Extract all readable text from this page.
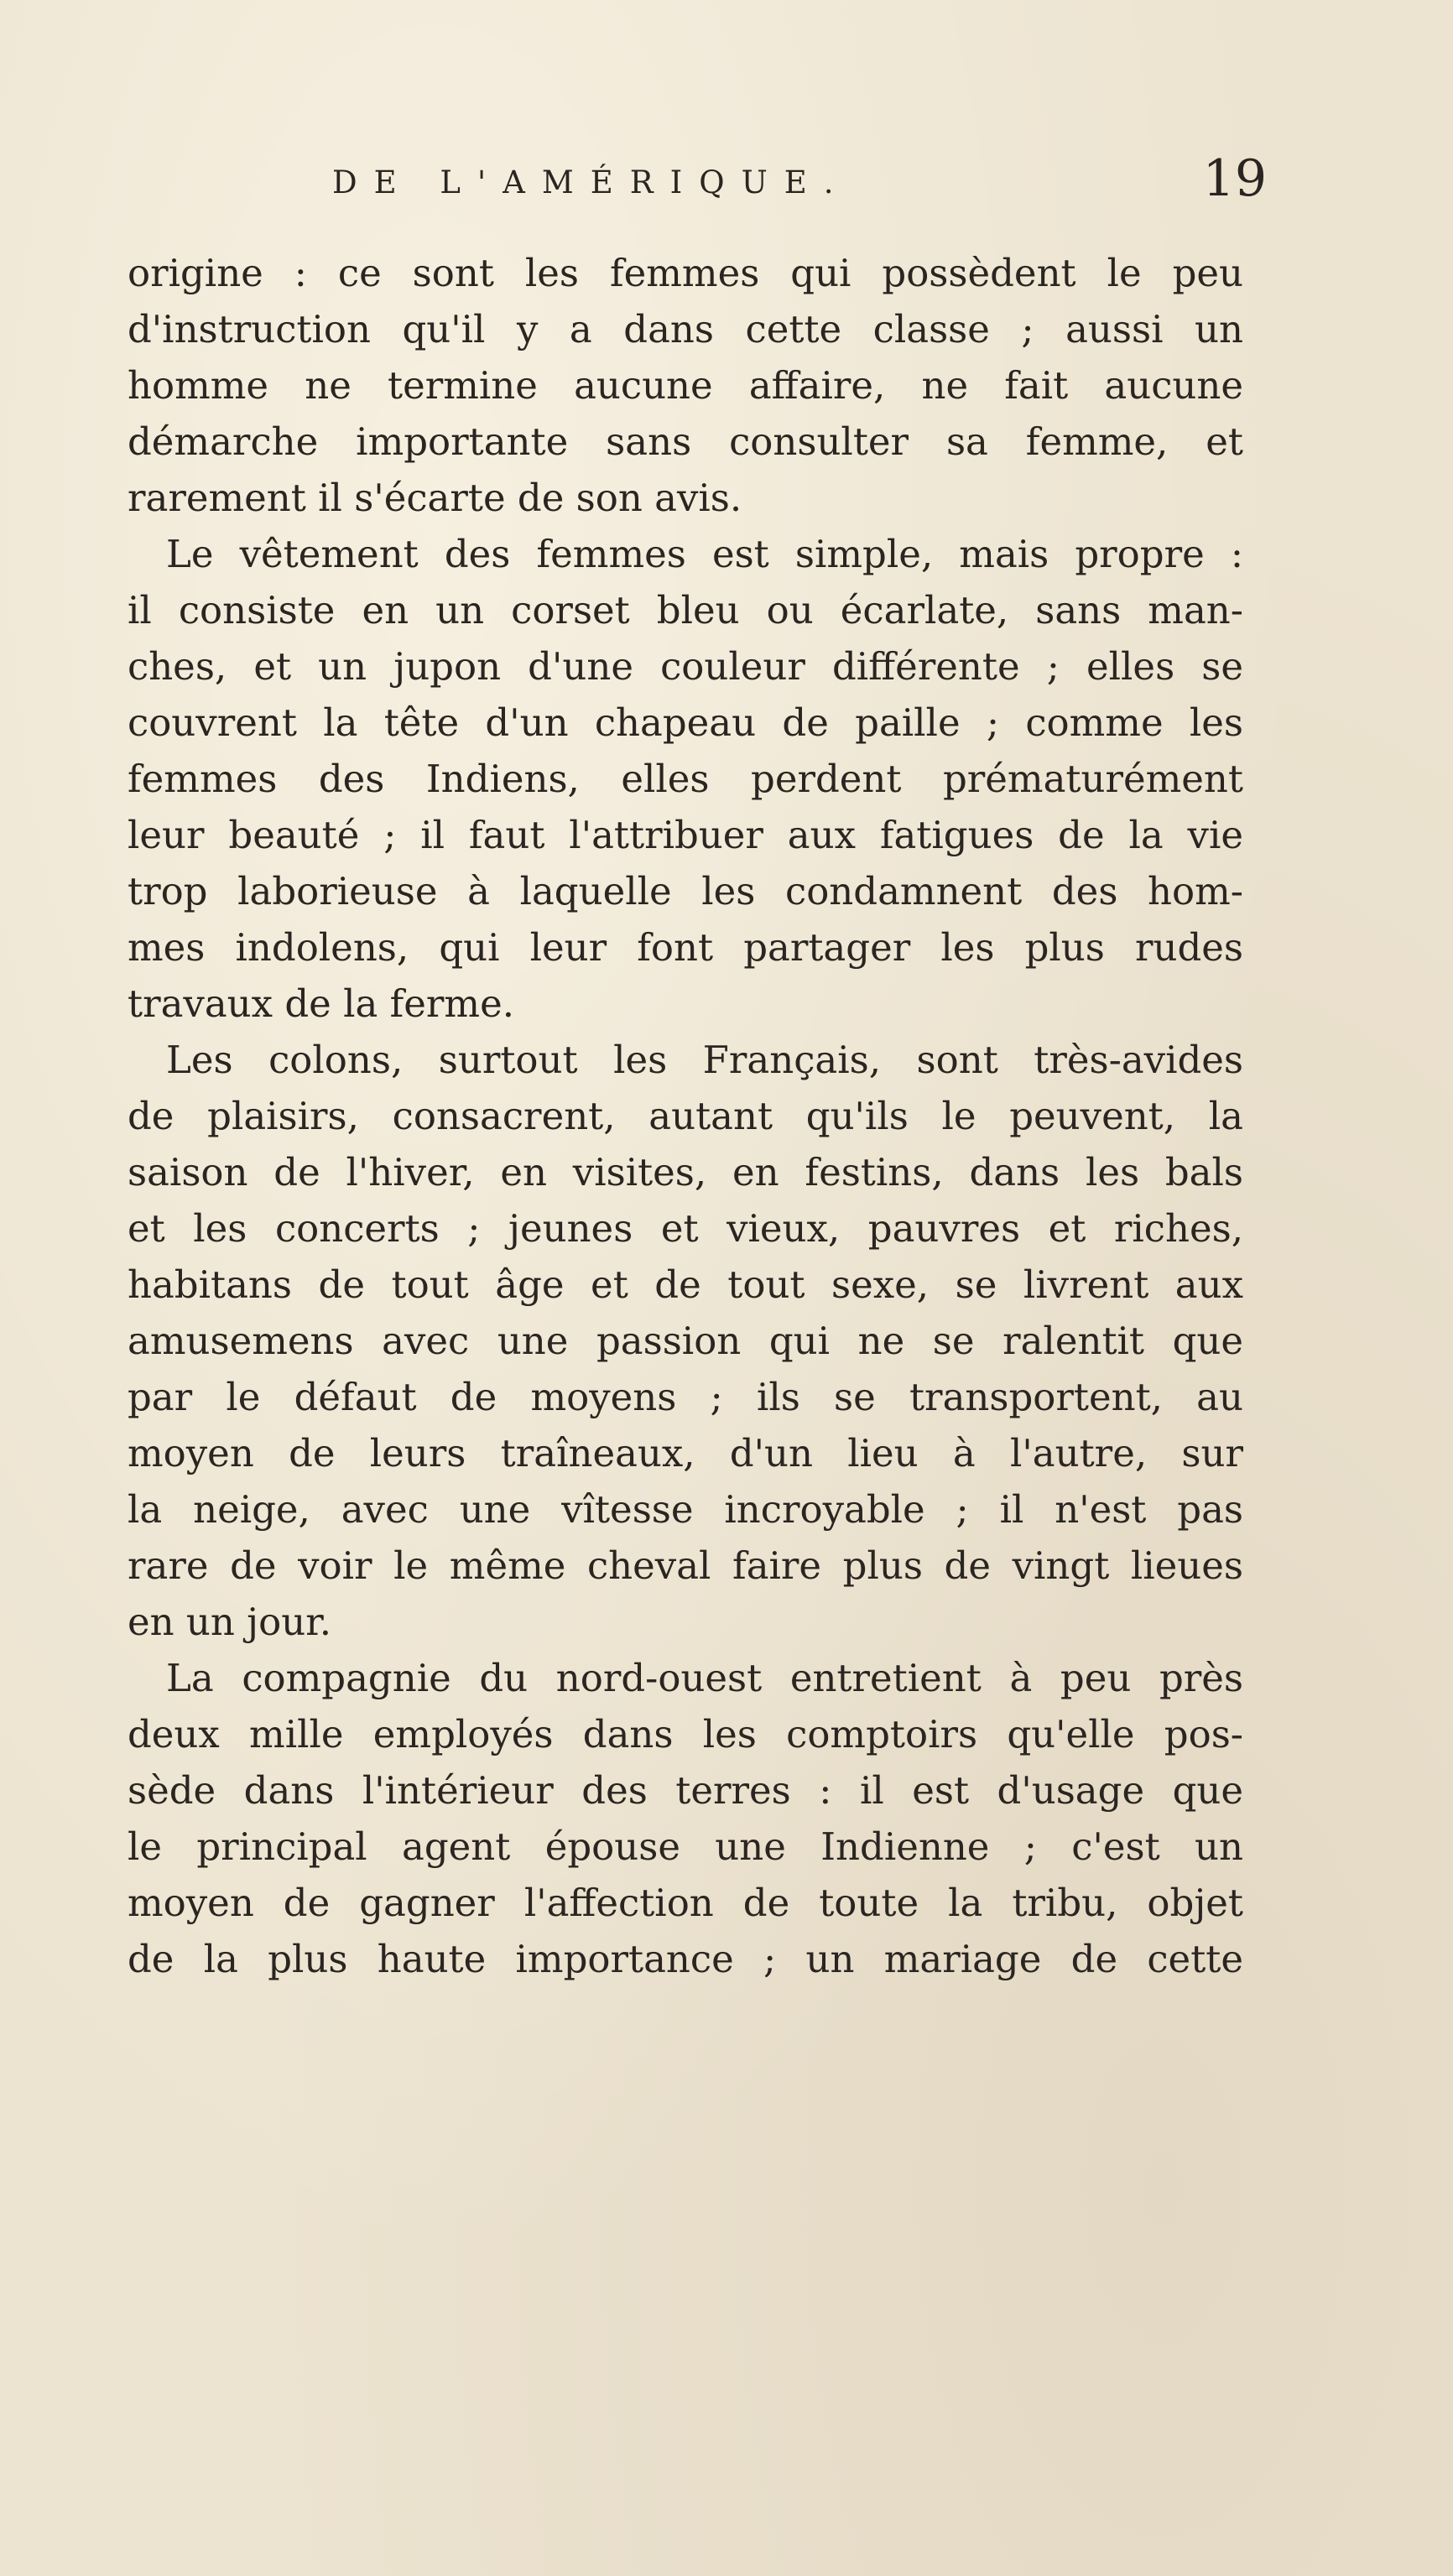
DE L'AMÉRIQUE.	19
origine : ce sont les femmes qui possèdent le peu
d'instruction qu'il y a dans cette classe ; aussi un
homme ne termine aucune affaire, ne fait aucune
démarche importante sans consulter sa femme, et
rarement il s'écarte de son avis.
Le vêtement des femmes est simple, mais propre :
il consiste en un corset bleu ou écarlate, sans man-
ches, et un jupon d'une couleur différente ; elles se
couvrent la tête d'un chapeau de paille ; comme les
femmes des Indiens, elles perdent prématurément
leur beauté ; il faut l'attribuer aux fatigues de la vie
trop laborieuse à laquelle les condamnent des hom-
mes indolens, qui leur font partager les plus rudes
travaux de la ferme.
Les colons, surtout les Français, sont très-avides
de plaisirs, consacrent, autant qu'ils le peuvent, la
saison de l'hiver, en visites, en festins, dans les bals
et les concerts ; jeunes et vieux, pauvres et riches,
habitans de tout âge et de tout sexe, se livrent aux
amusemens avec une passion qui ne se ralentit que
par le défaut de moyens ; ils se transportent, au
moyen de leurs traîneaux, d'un lieu à l'autre, sur
la neige, avec une vîtesse incroyable ; il n'est pas
rare de voir le même cheval faire plus de vingt lieues
en un jour.
La compagnie du nord-ouest entretient à peu près
deux mille employés dans les comptoirs qu'elle pos-
sède dans l'intérieur des terres : il est d'usage que
le principal agent épouse une Indienne ; c'est un
moyen de gagner l'affection de toute la tribu, objet
de la plus haute importance ; un mariage de cette
